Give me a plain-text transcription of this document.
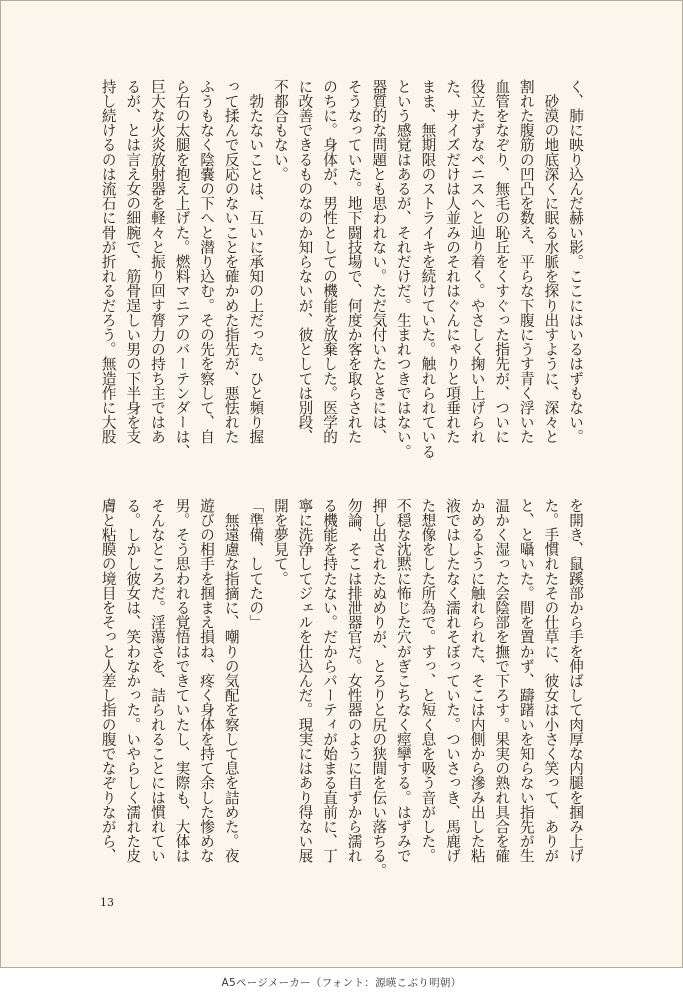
く、肺に映り込んだ赫い影。ここにはいるはずもない。

　砂漠の地底深くに眠る水脈を探り出すように、深々と

割れた腹筋の凹凸を数え、平らな下腹にうす青く浮いた

血管をなぞり、無毛の恥丘をくすぐった指先が、ついに

役立たずなペニスへと辿り着く。やさしく掬い上げられ

た、サイズだけは人並みのそれはぐんにゃりと項垂れた

まま、無期限のストライキを続けていた。触れられている

という感覚はあるが、それだけだ。生まれつきではない。

器質的な問題とも思われない。ただ気付いたときには、

そうなっていた。地下闘技場で、何度か客を取らされた

のちに。身体が、男性としての機能を放棄した。医学的

に改善できるものなのか知らないが、彼としては別段、

不都合もない。

　勃たないことは、互いに承知の上だった。ひと頻り握

って揉んで反応のないことを確かめた指先が、悪怯れた

ふうもなく陰嚢の下へと潜り込む。その先を察して、自

ら右の太腿を抱え上げた。燃料マニアのバーテンダーは、

巨大な火炎放射器を軽々と振り回す膂力の持ち主ではあ

るが、とは言え女の細腕で、筋骨逞しい男の下半身を支

持し続けるのは流石に骨が折れるだろう。無造作に大股

を開き、鼠蹊部から手を伸ばして肉厚な内腿を掴み上げ

た。手慣れたその仕草に、彼女は小さく笑って、ありが

と、と囁いた。間を置かず、躊躇いを知らない指先が生

温かく湿った会陰部を撫で下ろす。果実の熟れ具合を確

かめるように触れられた、そこは内側から滲み出した粘

液ではしたなく濡れそぼっていた。ついさっき、馬鹿げ

た想像をした所為で。すっ、と短く息を吸う音がした。

不穏な沈黙に怖じた穴がぎこちなく痙攣する。はずみで

押し出されたぬめりが、とろりと尻の狭間を伝い落ちる。

勿論、そこは排泄器官だ。女性器のように自ずから濡れ

る機能を持たない。だからパーティが始まる直前に、丁

寧に洗浄してジェルを仕込んだ。現実にはあり得ない展

開を夢見て。

「準備、してたの」

　無遠慮な指摘に、嘲りの気配を察して息を詰めた。夜

遊びの相手を掴まえ損ね、疼く身体を持て余した惨めな

男。そう思われる覚悟はできていたし、実際も、大体は

そんなところだ。淫蕩さを、詰られることには慣れてい

る。しかし彼女は、笑わなかった。いやらしく濡れた皮

膚と粘膜の境目をそっと人差し指の腹でなぞりながら、

13
A5ページメーカー（フォント：源暎こぶり明朝）
